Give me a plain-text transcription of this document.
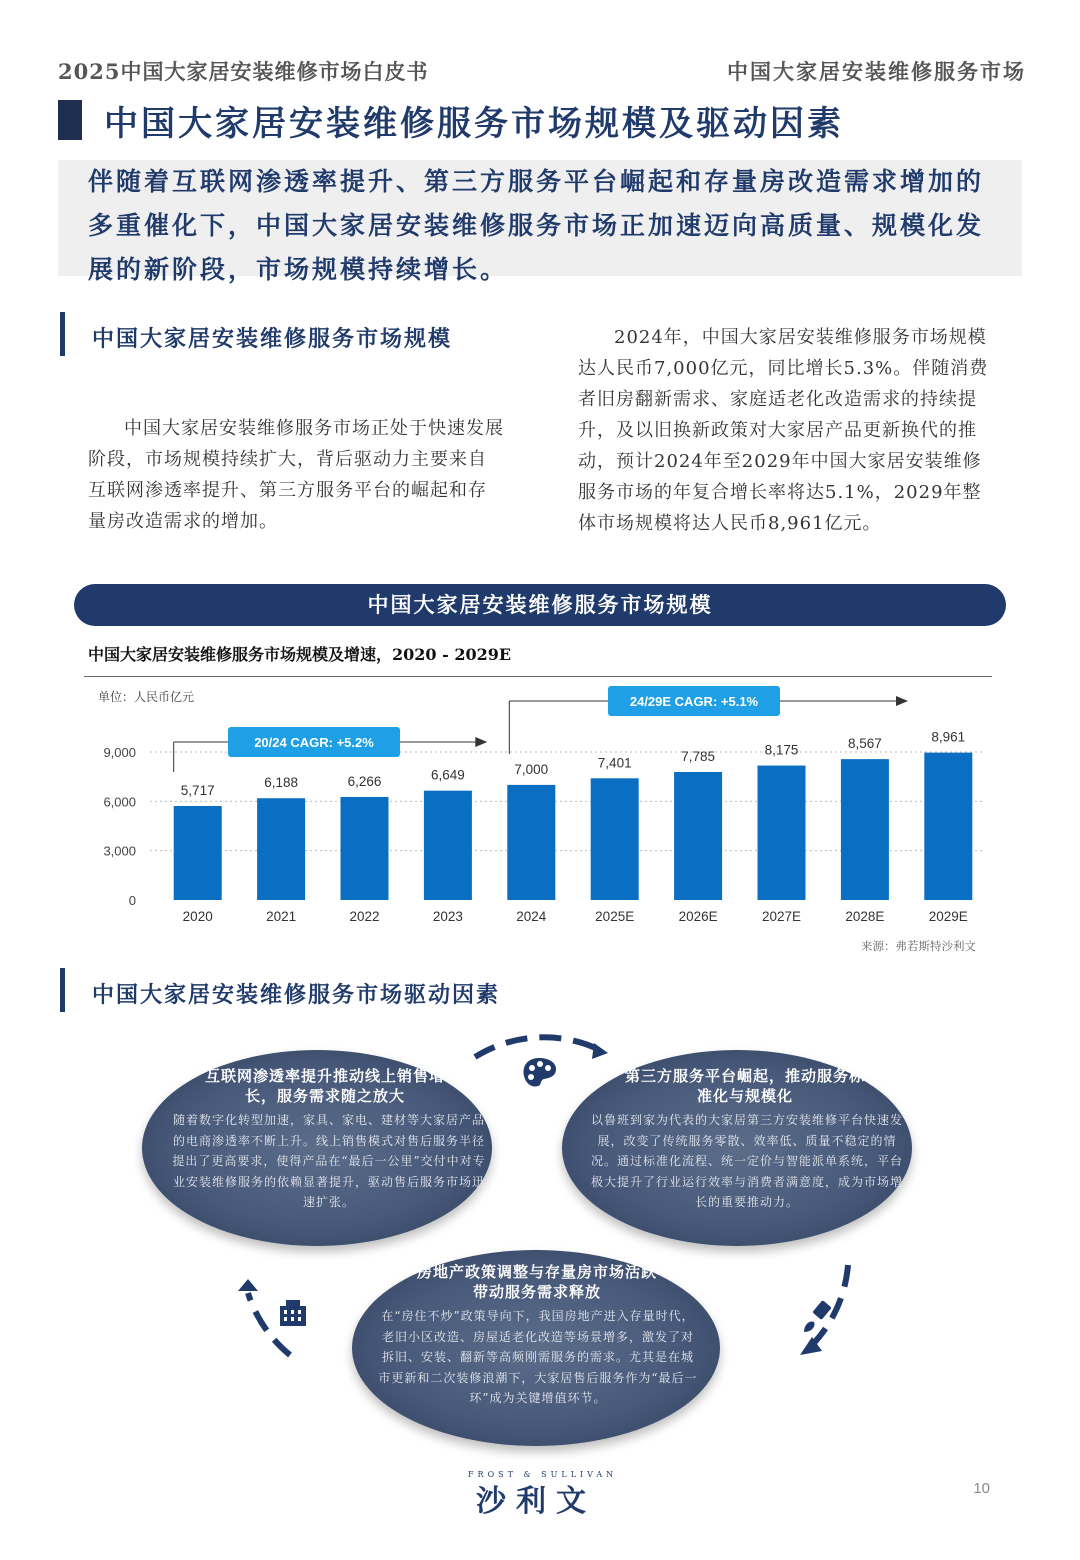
2025中国大家居安装维修市场白皮书	中国大家居安装维修服务市场
中国大家居安装维修服务市场规模及驱动因素
伴随着互联网渗透率提升、第三方服务平台崛起和存量房改造需求增加的多重催化下，中国大家居安装维修服务市场正加速迈向高质量、规模化发展的新阶段，市场规模持续增长。
中国大家居安装维修服务市场规模
中国大家居安装维修服务市场正处于快速发展阶段，市场规模持续扩大，背后驱动力主要来自互联网渗透率提升、第三方服务平台的崛起和存量房改造需求的增加。
2024年，中国大家居安装维修服务市场规模达人民币7,000亿元，同比增长5.3%。伴随消费者旧房翻新需求、家庭适老化改造需求的持续提升，及以旧换新政策对大家居产品更新换代的推动，预计2024年至2029年中国大家居安装维修服务市场的年复合增长率将达5.1%，2029年整体市场规模将达人民币8,961亿元。
中国大家居安装维修服务市场规模
中国大家居安装维修服务市场规模及增速，2020 - 2029E
单位：人民币亿元
0
3,000
6,000
9,000
5,717
2020
6,188
2021
6,266
2022
6,649
2023
7,000
2024
7,401
2025E
7,785
2026E
8,175
2027E
8,567
2028E
8,961
2029E
20/24 CAGR: +5.2%
24/29E CAGR: +5.1%
来源：弗若斯特沙利文
中国大家居安装维修服务市场驱动因素
互联网渗透率提升推动线上销售增长，服务需求随之放大
随着数字化转型加速，家具、家电、建材等大家居产品的电商渗透率不断上升。线上销售模式对售后服务半径提出了更高要求，使得产品在“最后一公里”交付中对专业安装维修服务的依赖显著提升，驱动售后服务市场迅速扩张。
第三方服务平台崛起，推动服务标准化与规模化
以鲁班到家为代表的大家居第三方安装维修平台快速发展，改变了传统服务零散、效率低、质量不稳定的情况。通过标准化流程、统一定价与智能派单系统，平台极大提升了行业运行效率与消费者满意度，成为市场增长的重要推动力。
房地产政策调整与存量房市场活跃带动服务需求释放
在“房住不炒”政策导向下，我国房地产进入存量时代，老旧小区改造、房屋适老化改造等场景增多，激发了对拆旧、安装、翻新等高频刚需服务的需求。尤其是在城市更新和二次装修浪潮下，大家居售后服务作为“最后一环”成为关键增值环节。
FROST & SULLIVAN
沙利文	10
